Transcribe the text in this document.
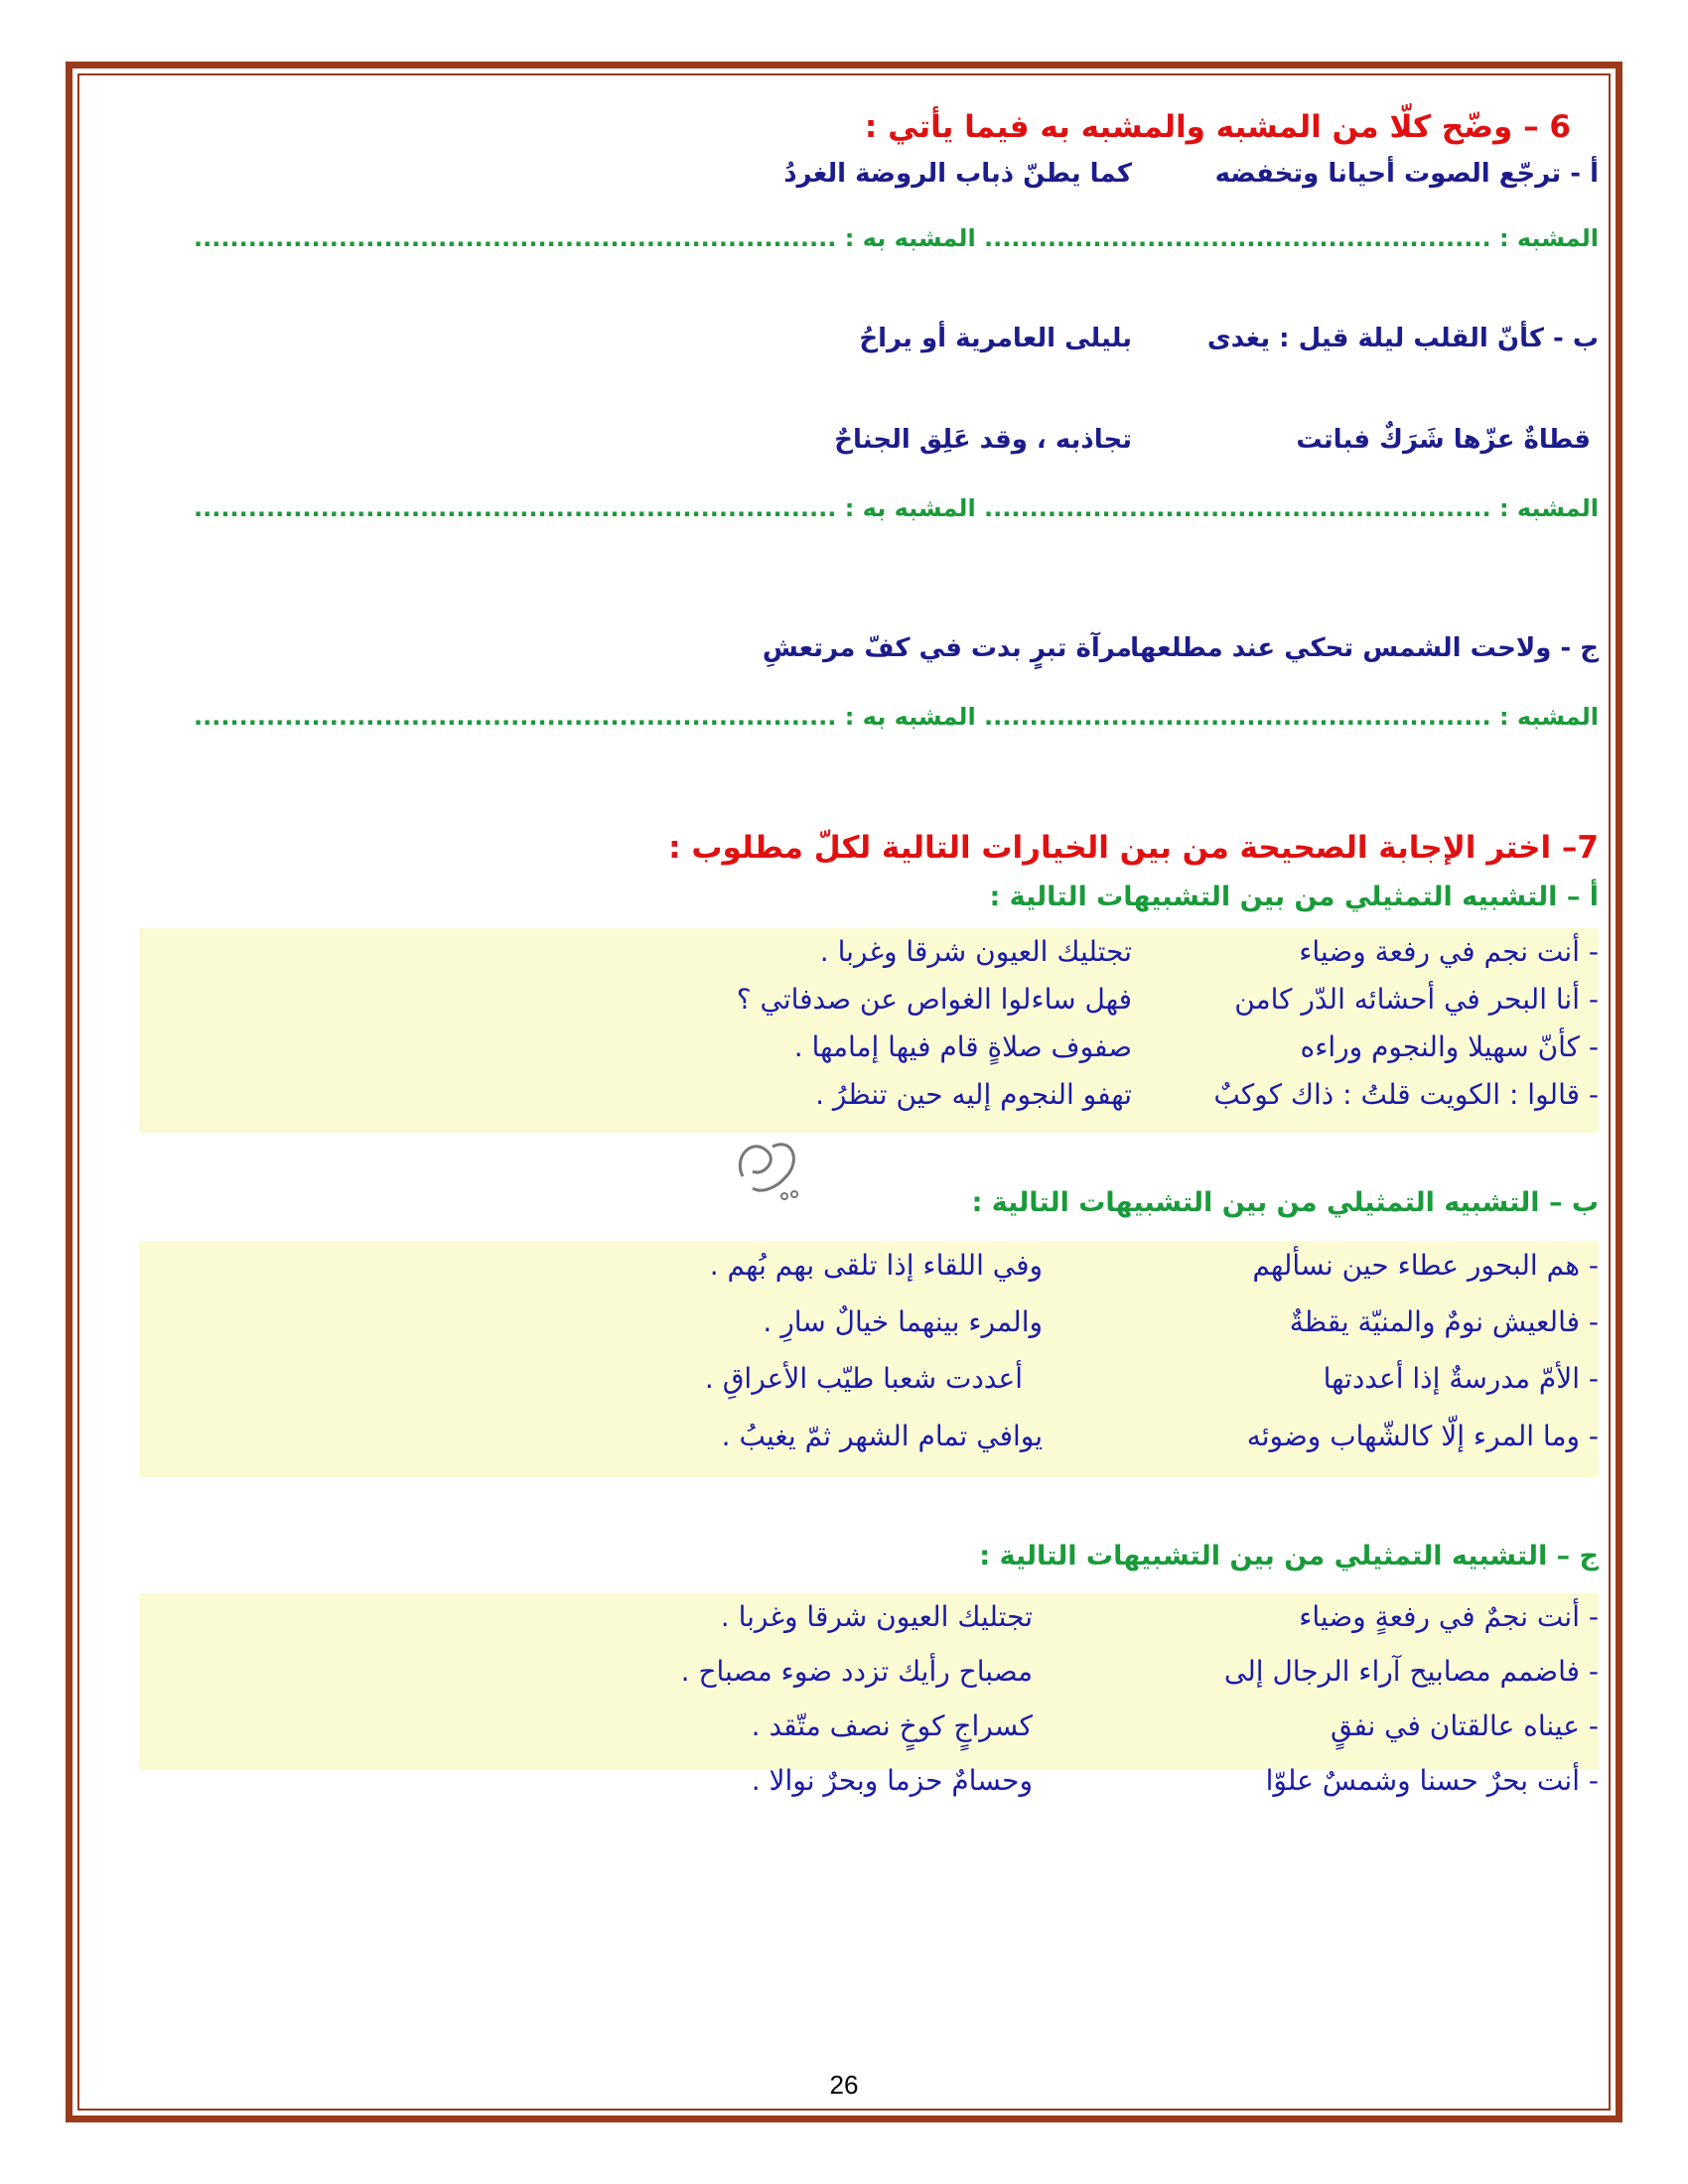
6 – وضّح كلّا من المشبه والمشبه به فيما يأتي :
أ - ترجّع الصوت أحيانا وتخفضه
كما يطنّ ذباب الروضة الغردُ
المشبه : ........................................................ المشبه به : .......................................................................
ب - كأنّ القلب ليلة قيل : يغدى
بليلى العامرية أو يراحُ
قطاةٌ عزّها شَرَكٌ فباتت
تجاذبه ، وقد عَلِق الجناحٌ
المشبه : ........................................................ المشبه به : .......................................................................
ج - ولاحت الشمس تحكي عند مطلعها
مرآة تبرٍ بدت في كفّ مرتعشِ
المشبه : ........................................................ المشبه به : .......................................................................
7– اختر الإجابة الصحيحة من بين الخيارات التالية لكلّ مطلوب :
أ – التشبيه التمثيلي من بين التشبيهات التالية :
- أنت نجم في رفعة وضياء
تجتليك العيون شرقا وغربا .
- أنا البحر في أحشائه الدّر كامن
فهل ساءلوا الغواص عن صدفاتي ؟
- كأنّ سهيلا والنجوم وراءه
صفوف صلاةٍ قام فيها إمامها .
- قالوا : الكويت قلتُ : ذاك كوكبٌ
تهفو النجوم إليه حين تنظرُ .
ب – التشبيه التمثيلي من بين التشبيهات التالية :
- هم البحور عطاء حين نسألهم
وفي اللقاء إذا تلقى بهم بُهم .
- فالعيش نومٌ والمنيّة يقظةٌ
والمرء بينهما خيالٌ سارِ .
- الأمّ مدرسةٌ إذا أعددتها
أعددت شعبا طيّب الأعراقِ .
- وما المرء إلّا كالشّهاب وضوئه
يوافي تمام الشهر ثمّ يغيبُ .
ج – التشبيه التمثيلي من بين التشبيهات التالية :
- أنت نجمٌ في رفعةٍ وضياء
تجتليك العيون شرقا وغربا .
- فاضمم مصابيح آراء الرجال إلى
مصباح رأيك تزدد ضوء مصباح .
- عيناه عالقتان في نفقٍ
كسراجٍ كوخٍ نصف متّقد .
- أنت بحرٌ حسنا وشمسٌ علوّا
وحسامٌ حزما وبحرٌ نوالا .
26
